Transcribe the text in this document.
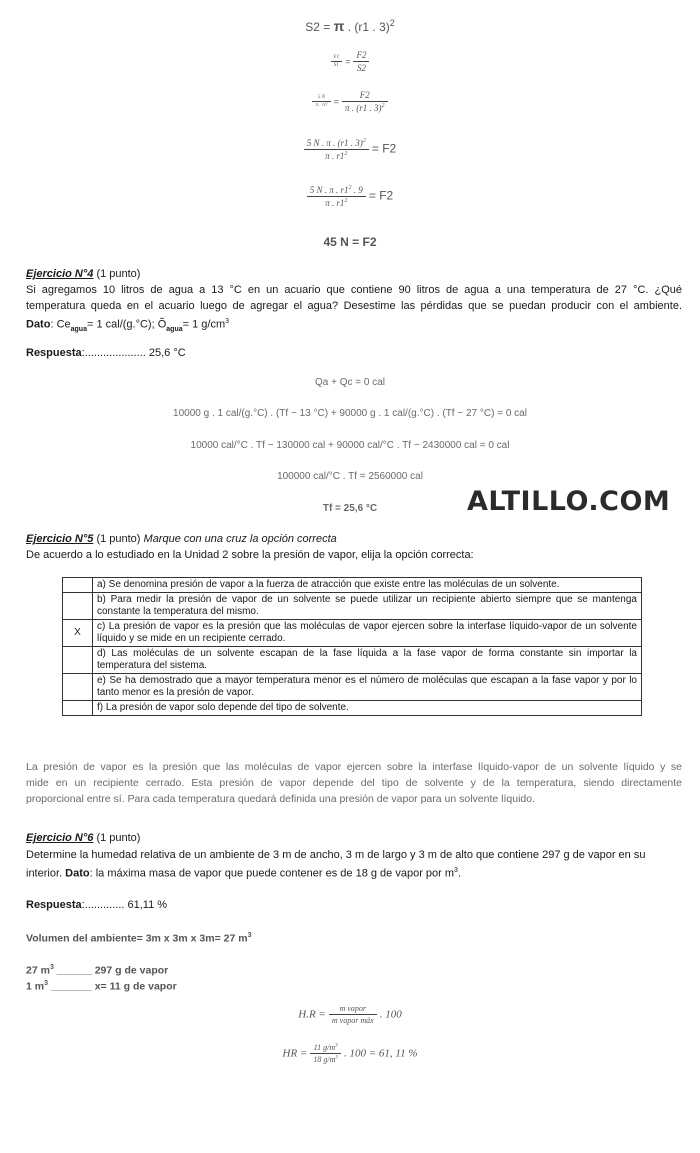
S2 = π . (r1 . 3)$^2$
$\frac{F1}{S1} = \frac{F2}{S2}$
$\frac{5 N}{\text{π . r1²}} = \frac{F2}{\pi . (r1 . 3)^2}$
$\frac{5 N . \pi . (r1 . 3)^2}{\pi . r1^2} = F2$
$\frac{5 N . \pi . r1^2 . 9}{\pi . r1^2} = F2$
45 N = F2
Ejercicio N°4 (1 punto)
Si agregamos 10 litros de agua a 13 °C en un acuario que contiene 90 litros de agua a una temperatura de 27 °C. ¿Qué
temperatura queda en el acuario luego de agregar el agua? Desestime las pérdidas que se puedan producir con el ambiente.
Dato: $Ce_{agua}= 1$ cal/(g.°C); $Õ_{agua}= 1$ $g/cm^3$
Respuesta:.................... 25,6 °C
Qa + Qc = 0 cal
10000 g . 1 cal/(g.°C) . (Tf − 13 °C) + 90000 g . 1 cal/(g.°C) . (Tf − 27 °C) = 0 cal
10000 cal/°C . Tf − 130000 cal + 90000 cal/°C . Tf − 2430000 cal = 0 cal
100000 cal/°C . Tf = 2560000 cal
Tf = 25,6 °C	ALTILLO.COM
Ejercicio N°5 (1 punto) Marque con una cruz la opción correcta
De acuerdo a lo estudiado en la Unidad 2 sobre la presión de vapor, elija la opción correcta:
	a) Se denomina presión de vapor a la fuerza de atracción que existe entre las moléculas de un solvente.
	b) Para medir la presión de vapor de un solvente se puede utilizar un recipiente abierto siempre que se mantenga constante la temperatura del mismo.
X	c) La presión de vapor es la presión que las moléculas de vapor ejercen sobre la interfase líquido-vapor de un solvente líquido y se mide en un recipiente cerrado.
	d) Las moléculas de un solvente escapan de la fase líquida a la fase vapor de forma constante sin importar la temperatura del sistema.
	e) Se ha demostrado que a mayor temperatura menor es el número de moléculas que escapan a la fase vapor y por lo tanto menor es la presión de vapor.
	f) La presión de vapor solo depende del tipo de solvente.
La presión de vapor es la presión que las moléculas de vapor ejercen sobre la interfase líquido-vapor de un solvente líquido y se
mide en un recipiente cerrado. Esta presión de vapor depende del tipo de solvente y de la temperatura, siendo directamente
proporcional entre sí. Para cada temperatura quedará definida una presión de vapor para un solvente líquido.
Ejercicio N°6 (1 punto)
Determine la humedad relativa de un ambiente de 3 m de ancho, 3 m de largo y 3 m de alto que contiene 297 g de vapor en su
interior. Dato: la máxima masa de vapor que puede contener es de 18 g de vapor por $m^3$.
Respuesta:............. 61,11 %
Volumen del ambiente= 3m x 3m x 3m= 27 $m^3$
27 $m^3$ ______ 297 g de vapor
1 $m^3$ _______ x= 11 g de vapor
$H.R = \frac{\text{m vapor}}{\text{m vapor máx}}$ . 100
HR = $\frac{11 g/m^3}{18 g/m^3}$ . 100 = 61, 11 %
